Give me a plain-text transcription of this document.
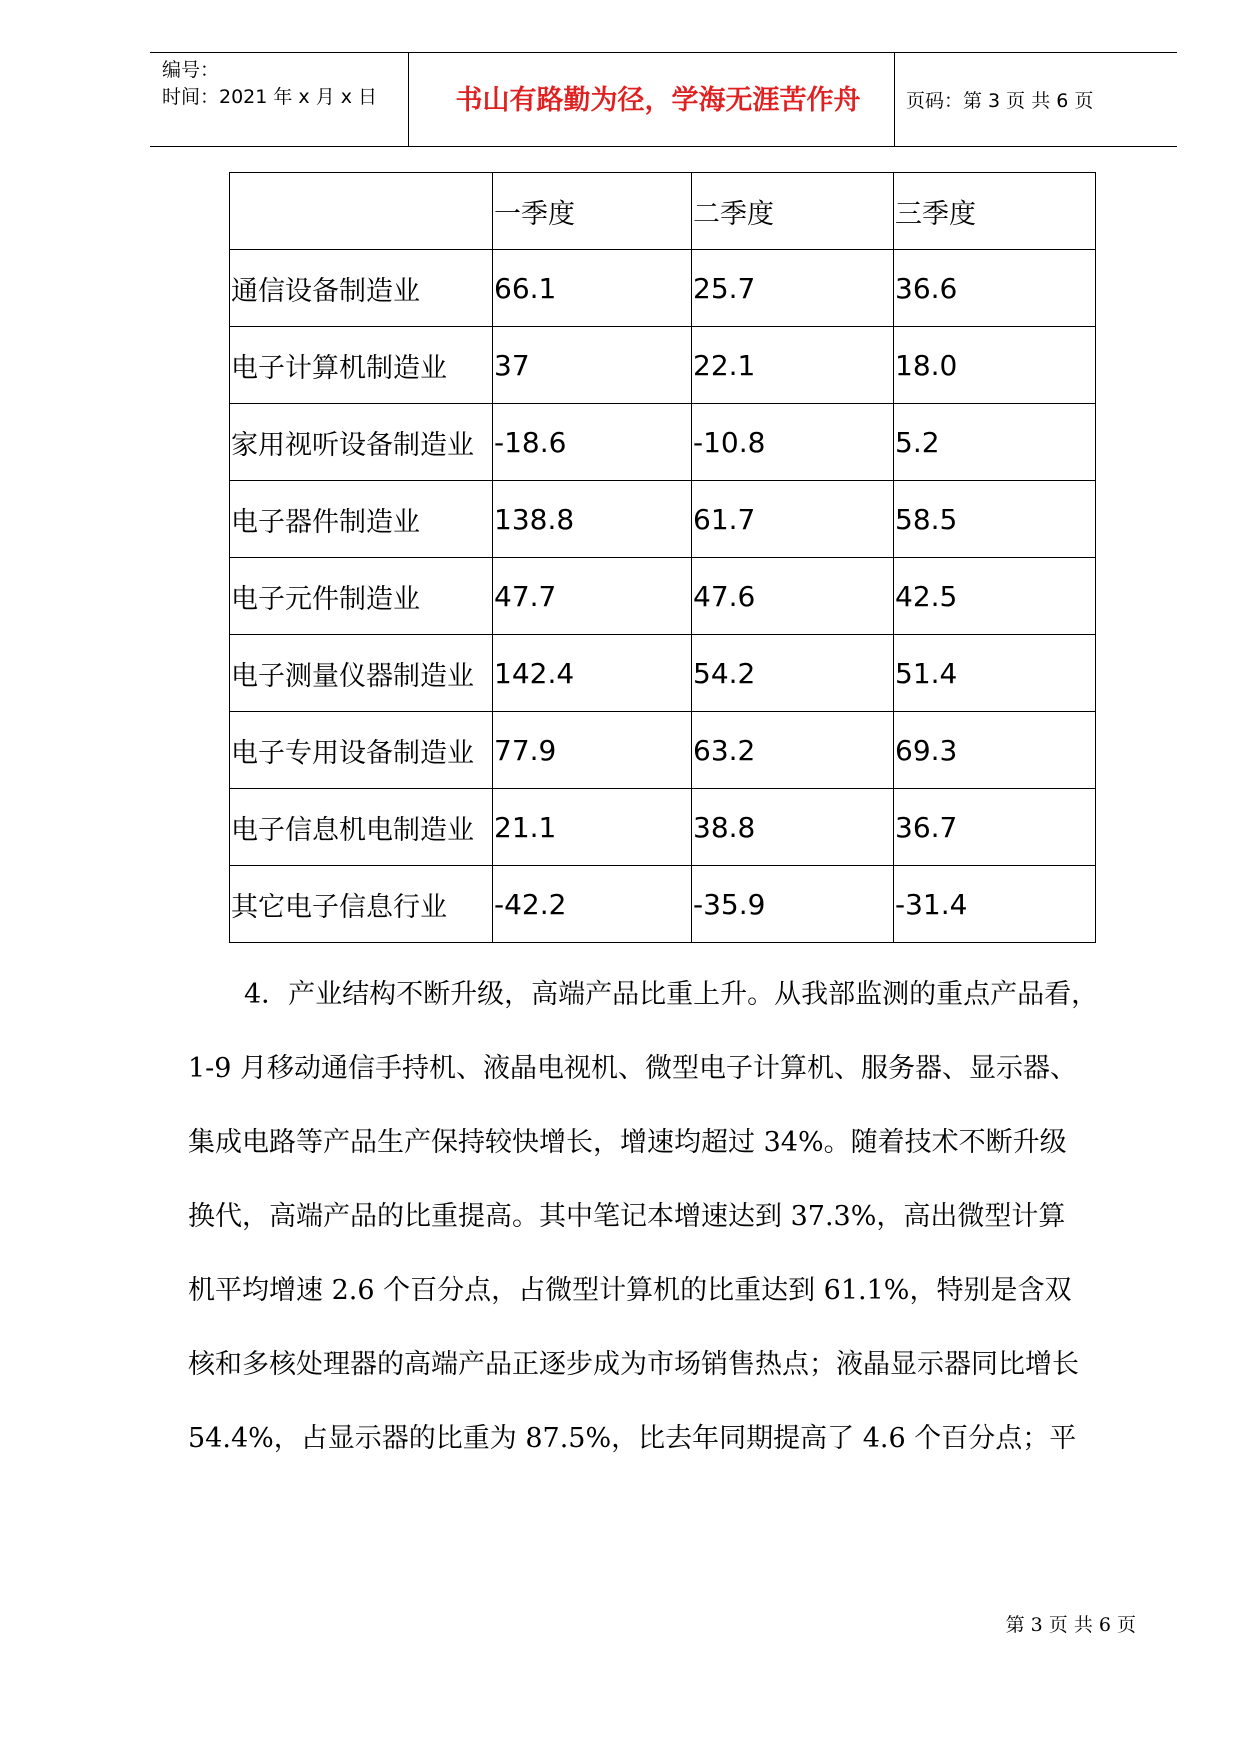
编号：
时间：2021 年 x 月 x 日	书山有路勤为径，学海无涯苦作舟	页码：第 3 页 共 6 页
	一季度	二季度	三季度
通信设备制造业	66.1	25.7	36.6
电子计算机制造业	37	22.1	18.0
家用视听设备制造业	-18.6	-10.8	5.2
电子器件制造业	138.8	61.7	58.5
电子元件制造业	47.7	47.6	42.5
电子测量仪器制造业	142.4	54.2	51.4
电子专用设备制造业	77.9	63.2	69.3
电子信息机电制造业	21.1	38.8	36.7
其它电子信息行业	-42.2	-35.9	-31.4
4．产业结构不断升级，高端产品比重上升。从我部监测的重点产品看，
1-9 月移动通信手持机、液晶电视机、微型电子计算机、服务器、显示器、
集成电路等产品生产保持较快增长，增速均超过 34%。随着技术不断升级
换代，高端产品的比重提高。其中笔记本增速达到 37.3%，高出微型计算
机平均增速 2.6 个百分点，占微型计算机的比重达到 61.1%，特别是含双
核和多核处理器的高端产品正逐步成为市场销售热点；液晶显示器同比增长
54.4%，占显示器的比重为 87.5%，比去年同期提高了 4.6 个百分点；平
第 3 页 共 6 页
